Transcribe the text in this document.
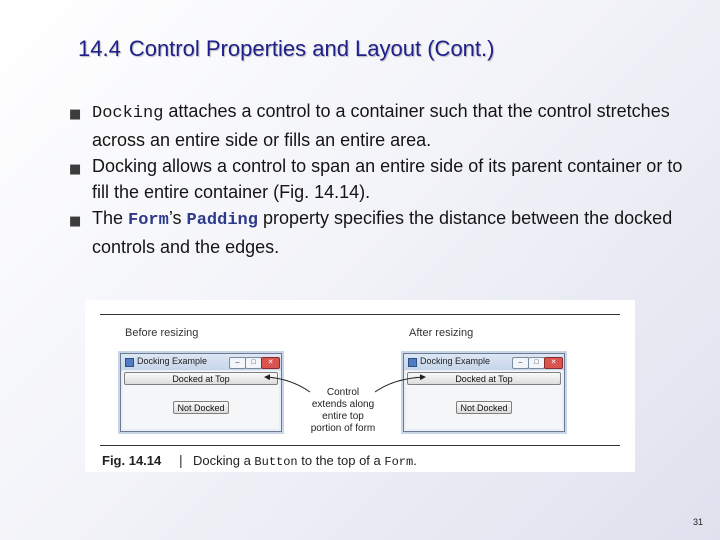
14.4 Control Properties and Layout (Cont.)
■ Docking attaches a control to a container such that the control stretches across an entire side or fills an entire area.
■ Docking allows a control to span an entire side of its parent container or to fill the entire container (Fig. 14.14).
■ The Form’s Padding property specifies the distance between the docked controls and the edges.
Before resizing	After resizing
Docking Example	–	□	✕
Docked at Top
Not Docked
Docking Example	–	□	✕
Docked at Top
Not Docked
Control extends along entire top portion of form
Fig. 14.14 | Docking a Button to the top of a Form.
31
